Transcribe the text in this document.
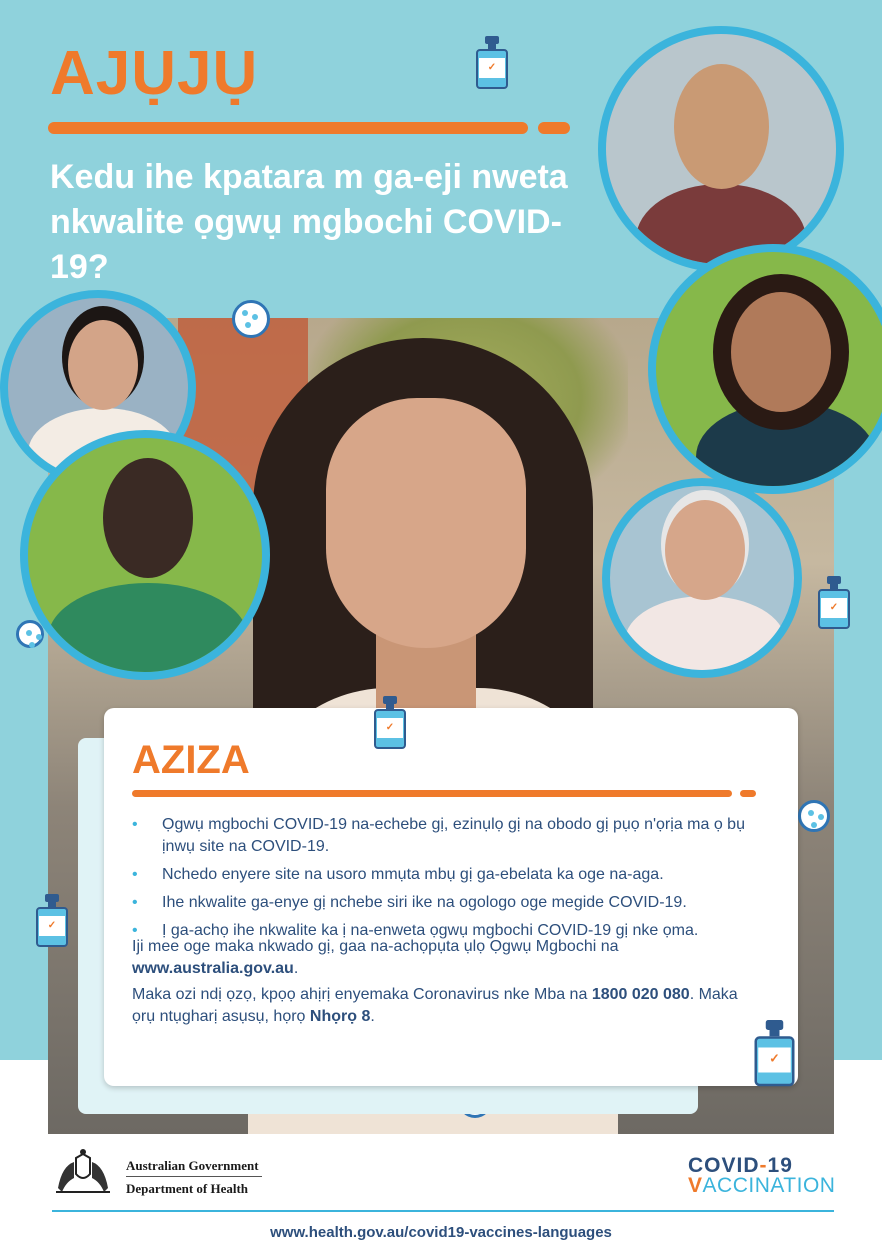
AJỤJỤ
Kedu ihe kpatara m ga-eji nweta nkwalite ọgwụ mgbochi COVID-19?
✓
✓
✓
AZIZA
• Ọgwụ mgbochi COVID-19 na-echebe gị, ezinụlọ gị na obodo gị pụọ n'ọrịa ma ọ bụ ịnwụ site na COVID-19.
• Nchedo enyere site na usoro mmụta mbụ gị ga-ebelata ka oge na-aga.
• Ihe nkwalite ga-enye gị nchebe siri ike na ogologo oge megide COVID-19.
• Ị ga-achọ ihe nkwalite ka ị na-enweta ọgwụ mgbochi COVID-19 gị nke ọma.

Iji mee oge maka nkwado gị, gaa na-achọpụta ụlọ Ọgwụ Mgbochi na www.australia.gov.au.

Maka ozi ndị ọzọ, kpọọ ahịrị enyemaka Coronavirus nke Mba na 1800 020 080. Maka ọrụ ntụgharị asụsụ, họrọ Nhọrọ 8.

✓
✓

Australian Government

Department of Health

COVID-19

VACCINATION

www.health.gov.au/covid19-vaccines-languages
